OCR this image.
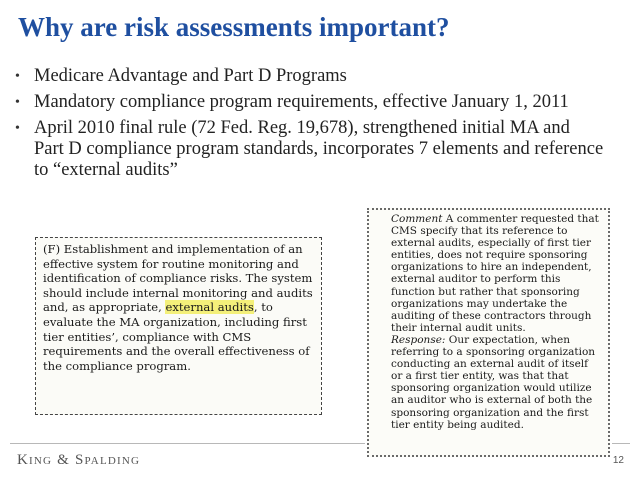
Why are risk assessments important?
• Medicare Advantage and Part D Programs
• Mandatory compliance program requirements, effective January 1, 2011
• April 2010 final rule (72 Fed. Reg. 19,678), strengthened initial MA and Part D compliance program standards, incorporates 7 elements and reference to “external audits”
(F) Establishment and implementation of an effective system for routine monitoring and identification of compliance risks. The system should include internal monitoring and audits and, as appropriate, external audits, to evaluate the MA organization, including first tier entities’, compliance with CMS requirements and the overall effectiveness of the compliance program.

Comment A commenter requested that CMS specify that its reference to external audits, especially of first tier entities, does not require sponsoring organizations to hire an independent, external auditor to perform this function but rather that sponsoring organizations may undertake the auditing of these contractors through their internal audit units.

Response: Our expectation, when referring to a sponsoring organization conducting an external audit of itself or a first tier entity, was that that sponsoring organization would utilize an auditor who is external of both the sponsoring organization and the first tier entity being audited.

King & Spalding	12
